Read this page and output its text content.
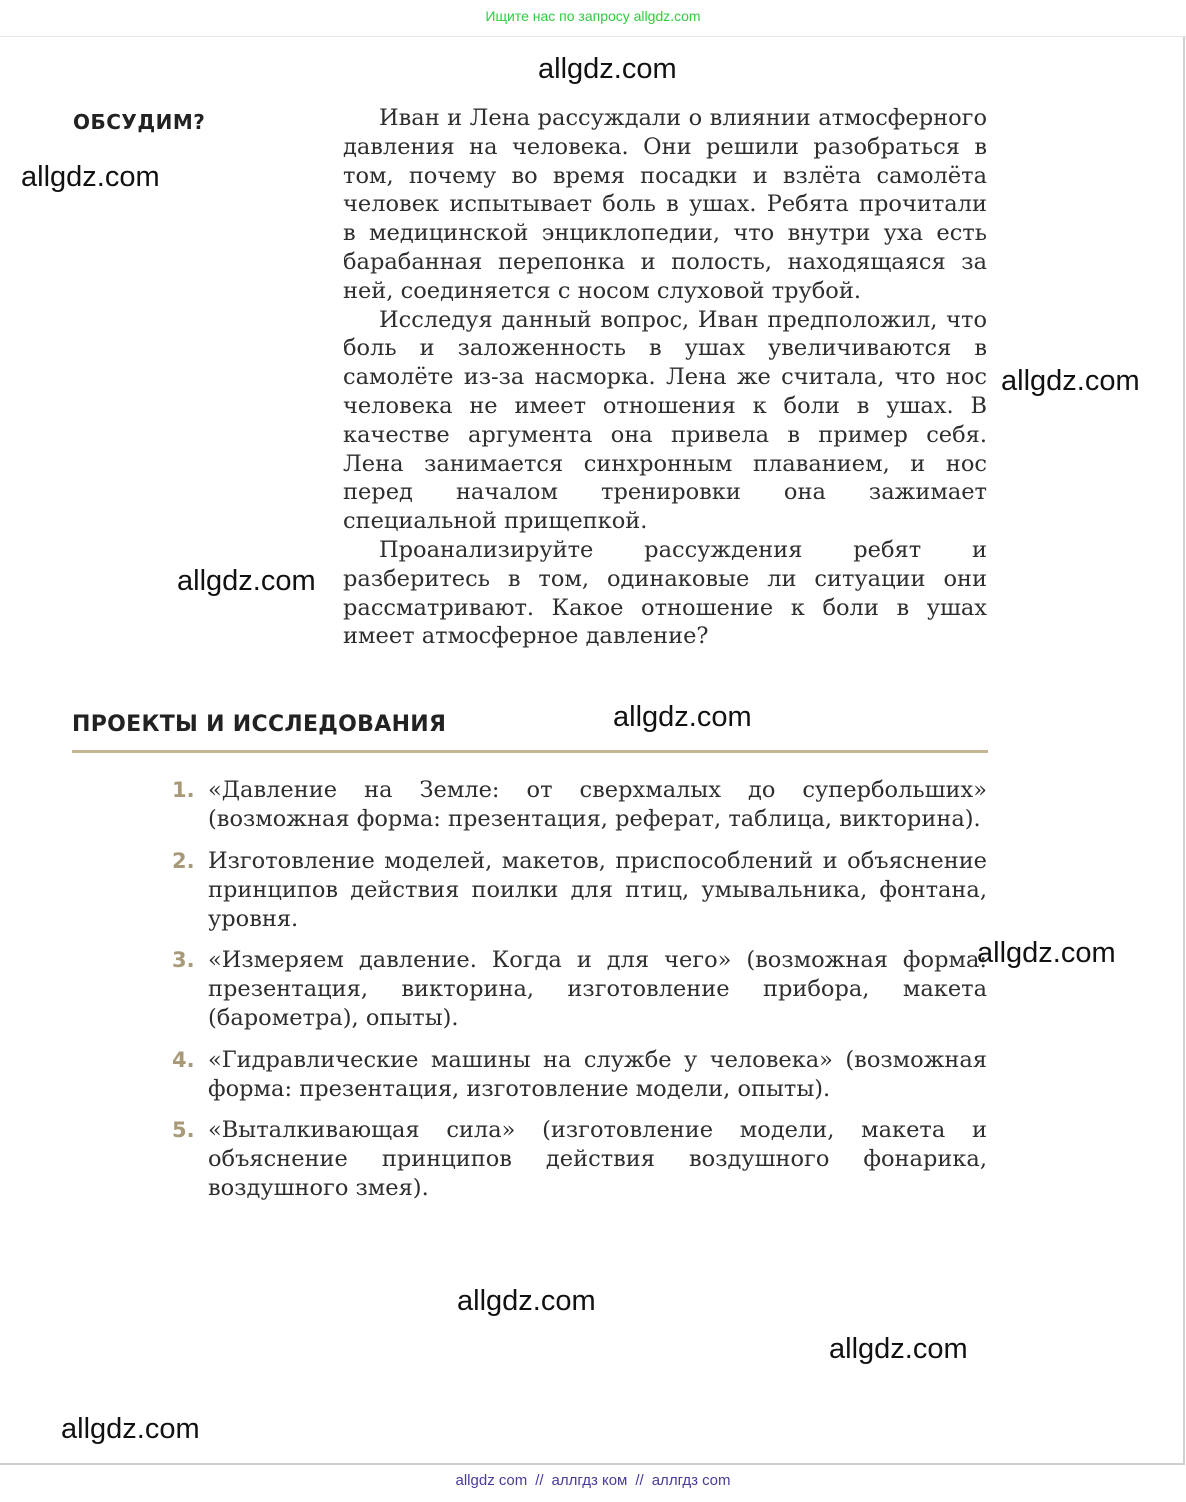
Ищите нас по запросу allgdz.com
ОБСУДИМ?	Иван и Лена рассуждали о влиянии атмосферного давления на человека. Они решили разобраться в том, почему во время посадки и взлёта самолёта человек испытывает боль в ушах. Ребята прочитали в медицинской энциклопедии, что внутри уха есть барабанная перепонка и полость, находящаяся за ней, соединяется с носом слуховой трубой.

Исследуя данный вопрос, Иван предположил, что боль и заложенность в ушах увеличиваются в самолёте из-за насморка. Лена же считала, что нос человека не имеет отношения к боли в ушах. В качестве аргумента она привела в пример себя. Лена занимается синхронным плаванием, и нос перед началом тренировки она зажимает специальной прищепкой.

Проанализируйте рассуждения ребят и разберитесь в том, одинаковые ли ситуации они рассматривают. Какое отношение к боли в ушах имеет атмосферное давление?

ПРОЕКТЫ И ИССЛЕДОВАНИЯ
1. «Давление на Земле: от сверхмалых до супербольших» (возможная форма: презентация, реферат, таблица, викторина).
2. Изготовление моделей, макетов, приспособлений и объяснение принципов действия поилки для птиц, умывальника, фонтана, уровня.
3. «Измеряем давление. Когда и для чего» (возможная форма: презентация, викторина, изготовление прибора, макета (барометра), опыты).
4. «Гидравлические машины на службе у человека» (возможная форма: презентация, изготовление модели, опыты).
5. «Выталкивающая сила» (изготовление модели, макета и объяснение принципов действия воздушного фонарика, воздушного змея).
allgdz.com
allgdz.com
allgdz.com
allgdz.com
allgdz.com
allgdz.com
allgdz.com
allgdz.com
allgdz.com
allgdz com // аллгдз ком // аллгдз com
